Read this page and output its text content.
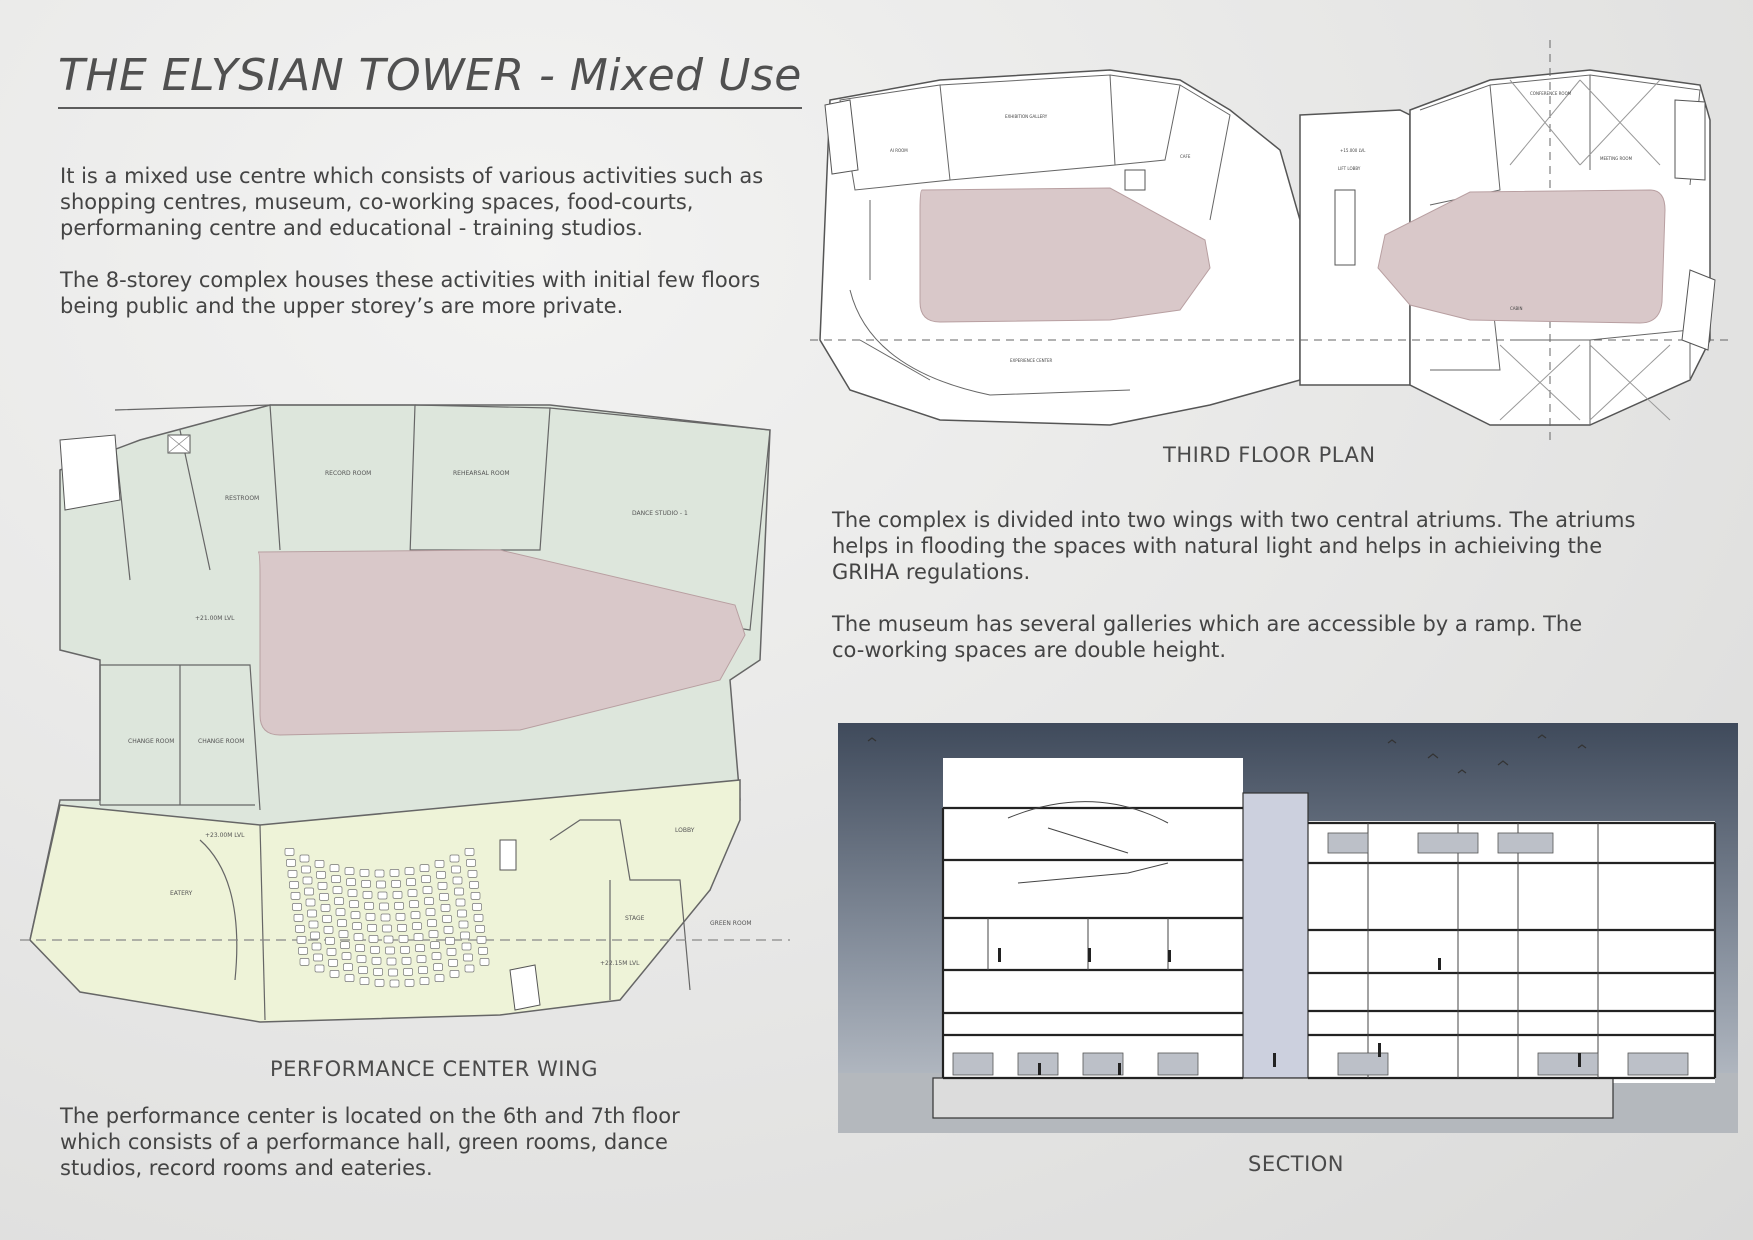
THE ELYSIAN TOWER - Mixed Use

It is a mixed use centre which consists of various activities such as
shopping centres, museum, co-working spaces, food-courts,
performaning centre and educational - training studios.

The 8-storey complex houses these activities with initial few floors
being public and the upper storey’s are more private.

AI ROOM
EXHIBITION GALLERY
CAFE
LIFT LOBBY
CONFERENCE ROOM
MEETING ROOM
CABIN
EXPERIENCE CENTER
+15.000 LVL
THIRD FLOOR PLAN

The complex is divided into two wings with two central atriums. The atriums
helps in flooding the spaces with natural light and helps in achieiving the
GRIHA regulations.

The museum has several galleries which are accessible by a ramp. The
co-working spaces are double height.

RESTROOM
RECORD ROOM	REHEARSAL ROOM
DANCE STUDIO - 1
CHANGE ROOM	CHANGE ROOM
EATERY
LOBBY
STAGE
GREEN ROOM
+21.00M LVL
+23.00M LVL
+22.15M LVL
PERFORMANCE CENTER WING

The performance center is located on the 6th and 7th floor
which consists of a performance hall, green rooms, dance
studios, record rooms and eateries.	SECTION
